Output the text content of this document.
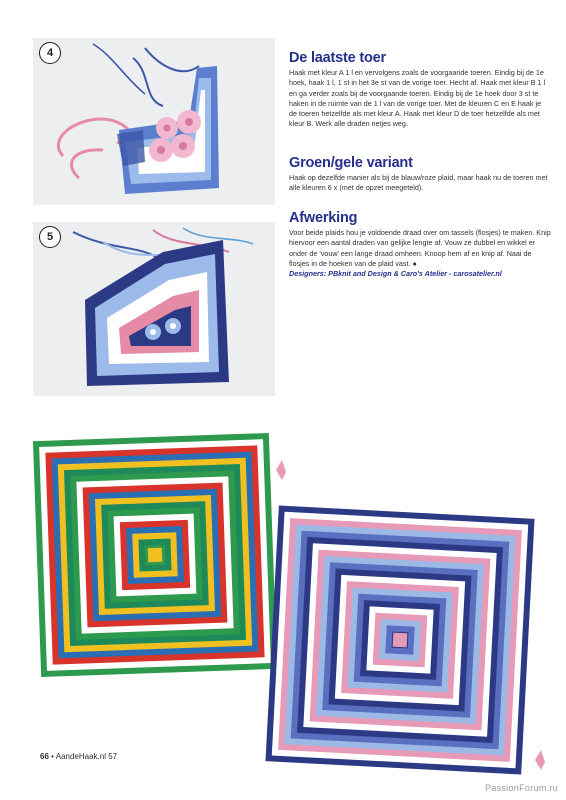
4
5
De laatste toer

Haak met kleur A 1 l en vervolgens zoals de voorgaande toeren. Eindig bij de 1e hoek, haak 1 l, 1 st in het 3e st van de vorige toer. Hecht af. Haak met kleur B 1 l en ga verder zoals bij de voorgaande toeren. Eindig bij de 1e hoek door 3 st te haken in de ruimte van de 1 l van de vorige toer. Met de kleuren C en E haak je de toeren hetzelfde als met kleur A. Haak met kleur D de toer hetzelfde als met kleur B. Werk alle draden netjes weg.

Groen/gele variant

Haak op dezelfde manier als bij de blauw/roze plaid, maar haak nu de toeren met alle kleuren 6 x (met de opzet meegeteld).

Afwerking

Voor beide plaids hou je voldoende draad over om tassels (flosjes) te maken. Knip hiervoor een aantal draden van gelijke lengte af. Vouw ze dubbel en wikkel er onder de 'vouw' een lange draad omheen. Knoop hem af en knip af. Naai de flosjes in de hoeken van de plaid vast. ●
Designers: PBknit and Design & Caro's Atelier - carosatelier.nl

66 • AandeHaak.nl 57
PassionForum.ru
